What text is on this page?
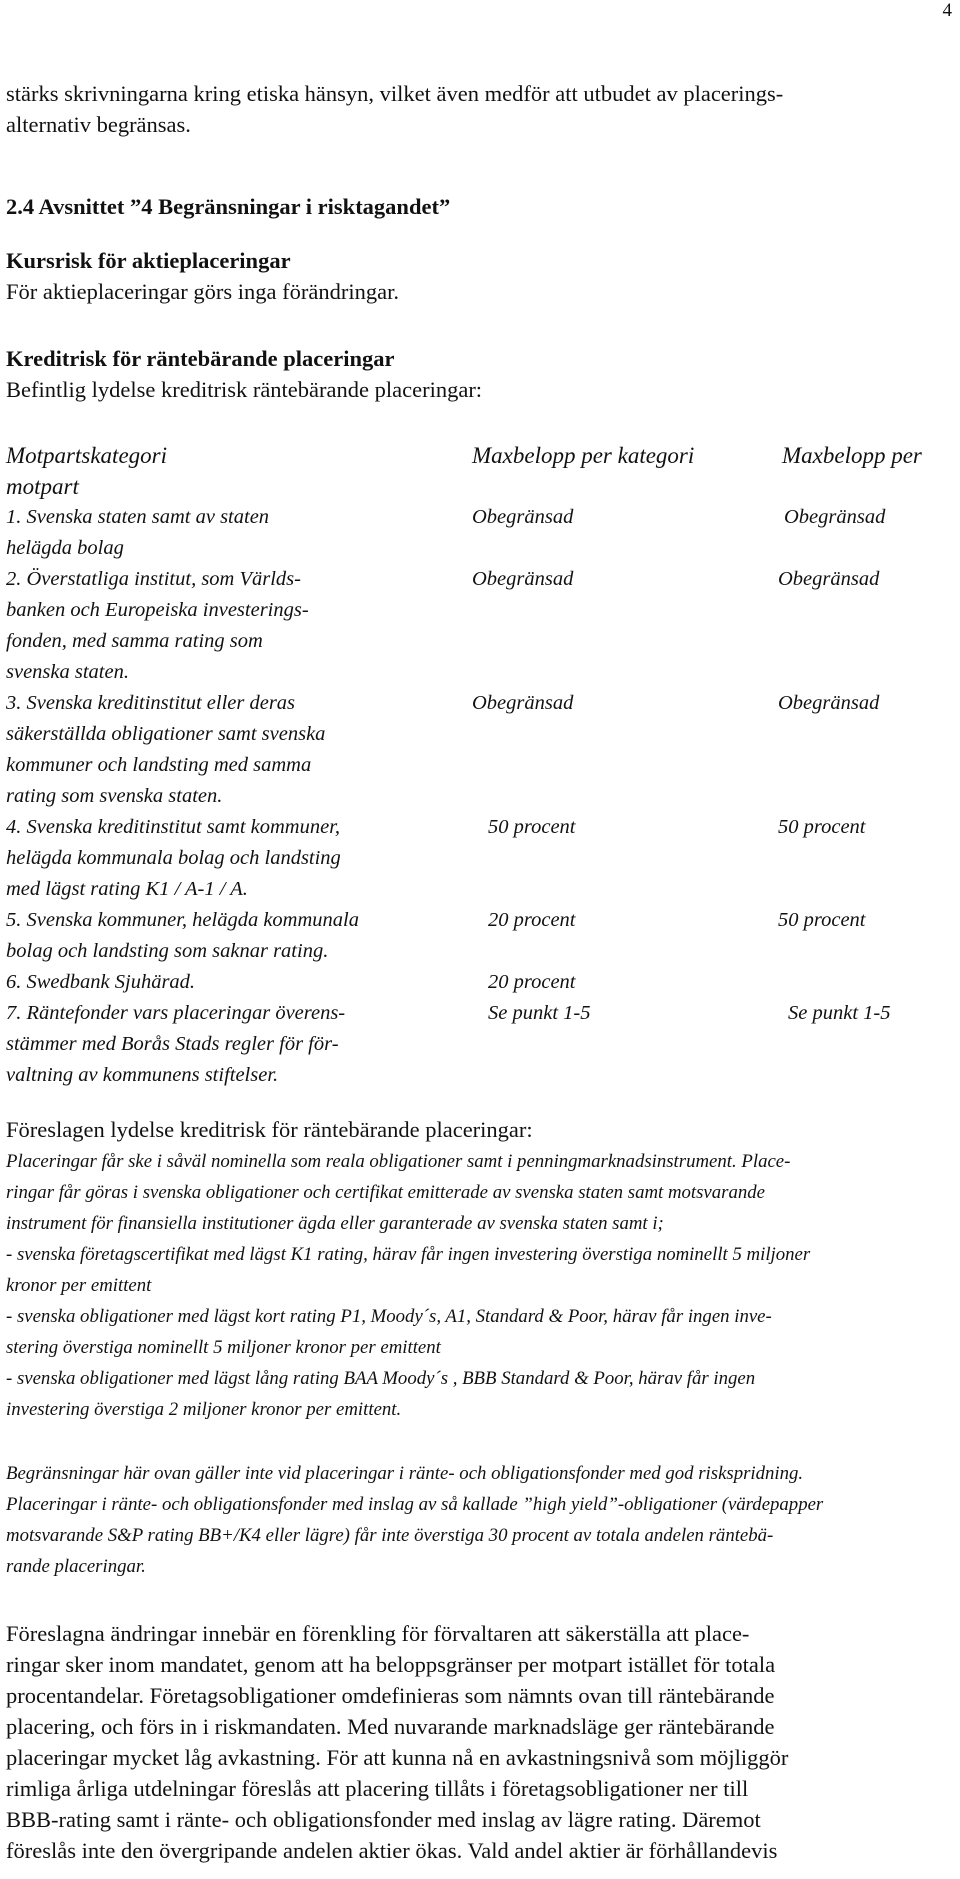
4

stärks skrivningarna kring etiska hänsyn, vilket även medför att utbudet av placerings-

alternativ begränsas.

2.4 Avsnittet ”4 Begränsningar i risktagandet”

Kursrisk för aktieplaceringar

För aktieplaceringar görs inga förändringar.

Kreditrisk för räntebärande placeringar

Befintlig lydelse kreditrisk räntebärande placeringar:

Motpartskategori	Maxbelopp per kategori	Maxbelopp per
motpart
1. Svenska staten samt av staten
helägda bolag
Obegränsad	Obegränsad
2. Överstatliga institut, som Världs-
banken och Europeiska investerings-
fonden, med samma rating som
svenska staten.
Obegränsad	Obegränsad
3. Svenska kreditinstitut eller deras
säkerställda obligationer samt svenska
kommuner och landsting med samma
rating som svenska staten.
Obegränsad	Obegränsad
4. Svenska kreditinstitut samt kommuner,
helägda kommunala bolag och landsting
med lägst rating K1 / A-1 / A.
50 procent	50 procent
5. Svenska kommuner, helägda kommunala
bolag och landsting som saknar rating.
20 procent	50 procent
6. Swedbank Sjuhärad.	20 procent
7. Räntefonder vars placeringar överens-
stämmer med Borås Stads regler för för-
valtning av kommunens stiftelser.
Se punkt 1-5	Se punkt 1-5

Föreslagen lydelse kreditrisk för räntebärande placeringar:

Placeringar får ske i såväl nominella som reala obligationer samt i penningmarknadsinstrument. Place-

ringar får göras i svenska obligationer och certifikat emitterade av svenska staten samt motsvarande

instrument för finansiella institutioner ägda eller garanterade av svenska staten samt i;

- svenska företagscertifikat med lägst K1 rating, härav får ingen investering överstiga nominellt 5 miljoner

kronor per emittent

- svenska obligationer med lägst kort rating P1, Moody´s, A1, Standard & Poor, härav får ingen inve-

stering överstiga nominellt 5 miljoner kronor per emittent

- svenska obligationer med lägst lång rating BAA Moody´s , BBB Standard & Poor, härav får ingen

investering överstiga 2 miljoner kronor per emittent.

Begränsningar här ovan gäller inte vid placeringar i ränte- och obligationsfonder med god riskspridning.

Placeringar i ränte- och obligationsfonder med inslag av så kallade ”high yield”-obligationer (värdepapper

motsvarande S&P rating BB+/K4 eller lägre) får inte överstiga 30 procent av totala andelen räntebä-

rande placeringar.

Föreslagna ändringar innebär en förenkling för förvaltaren att säkerställa att place-

ringar sker inom mandatet, genom att ha beloppsgränser per motpart istället för totala

procentandelar. Företagsobligationer omdefinieras som nämnts ovan till räntebärande

placering, och förs in i riskmandaten. Med nuvarande marknadsläge ger räntebärande

placeringar mycket låg avkastning. För att kunna nå en avkastningsnivå som möjliggör

rimliga årliga utdelningar föreslås att placering tillåts i företagsobligationer ner till

BBB-rating samt i ränte- och obligationsfonder med inslag av lägre rating. Däremot

föreslås inte den övergripande andelen aktier ökas. Vald andel aktier är förhållandevis
